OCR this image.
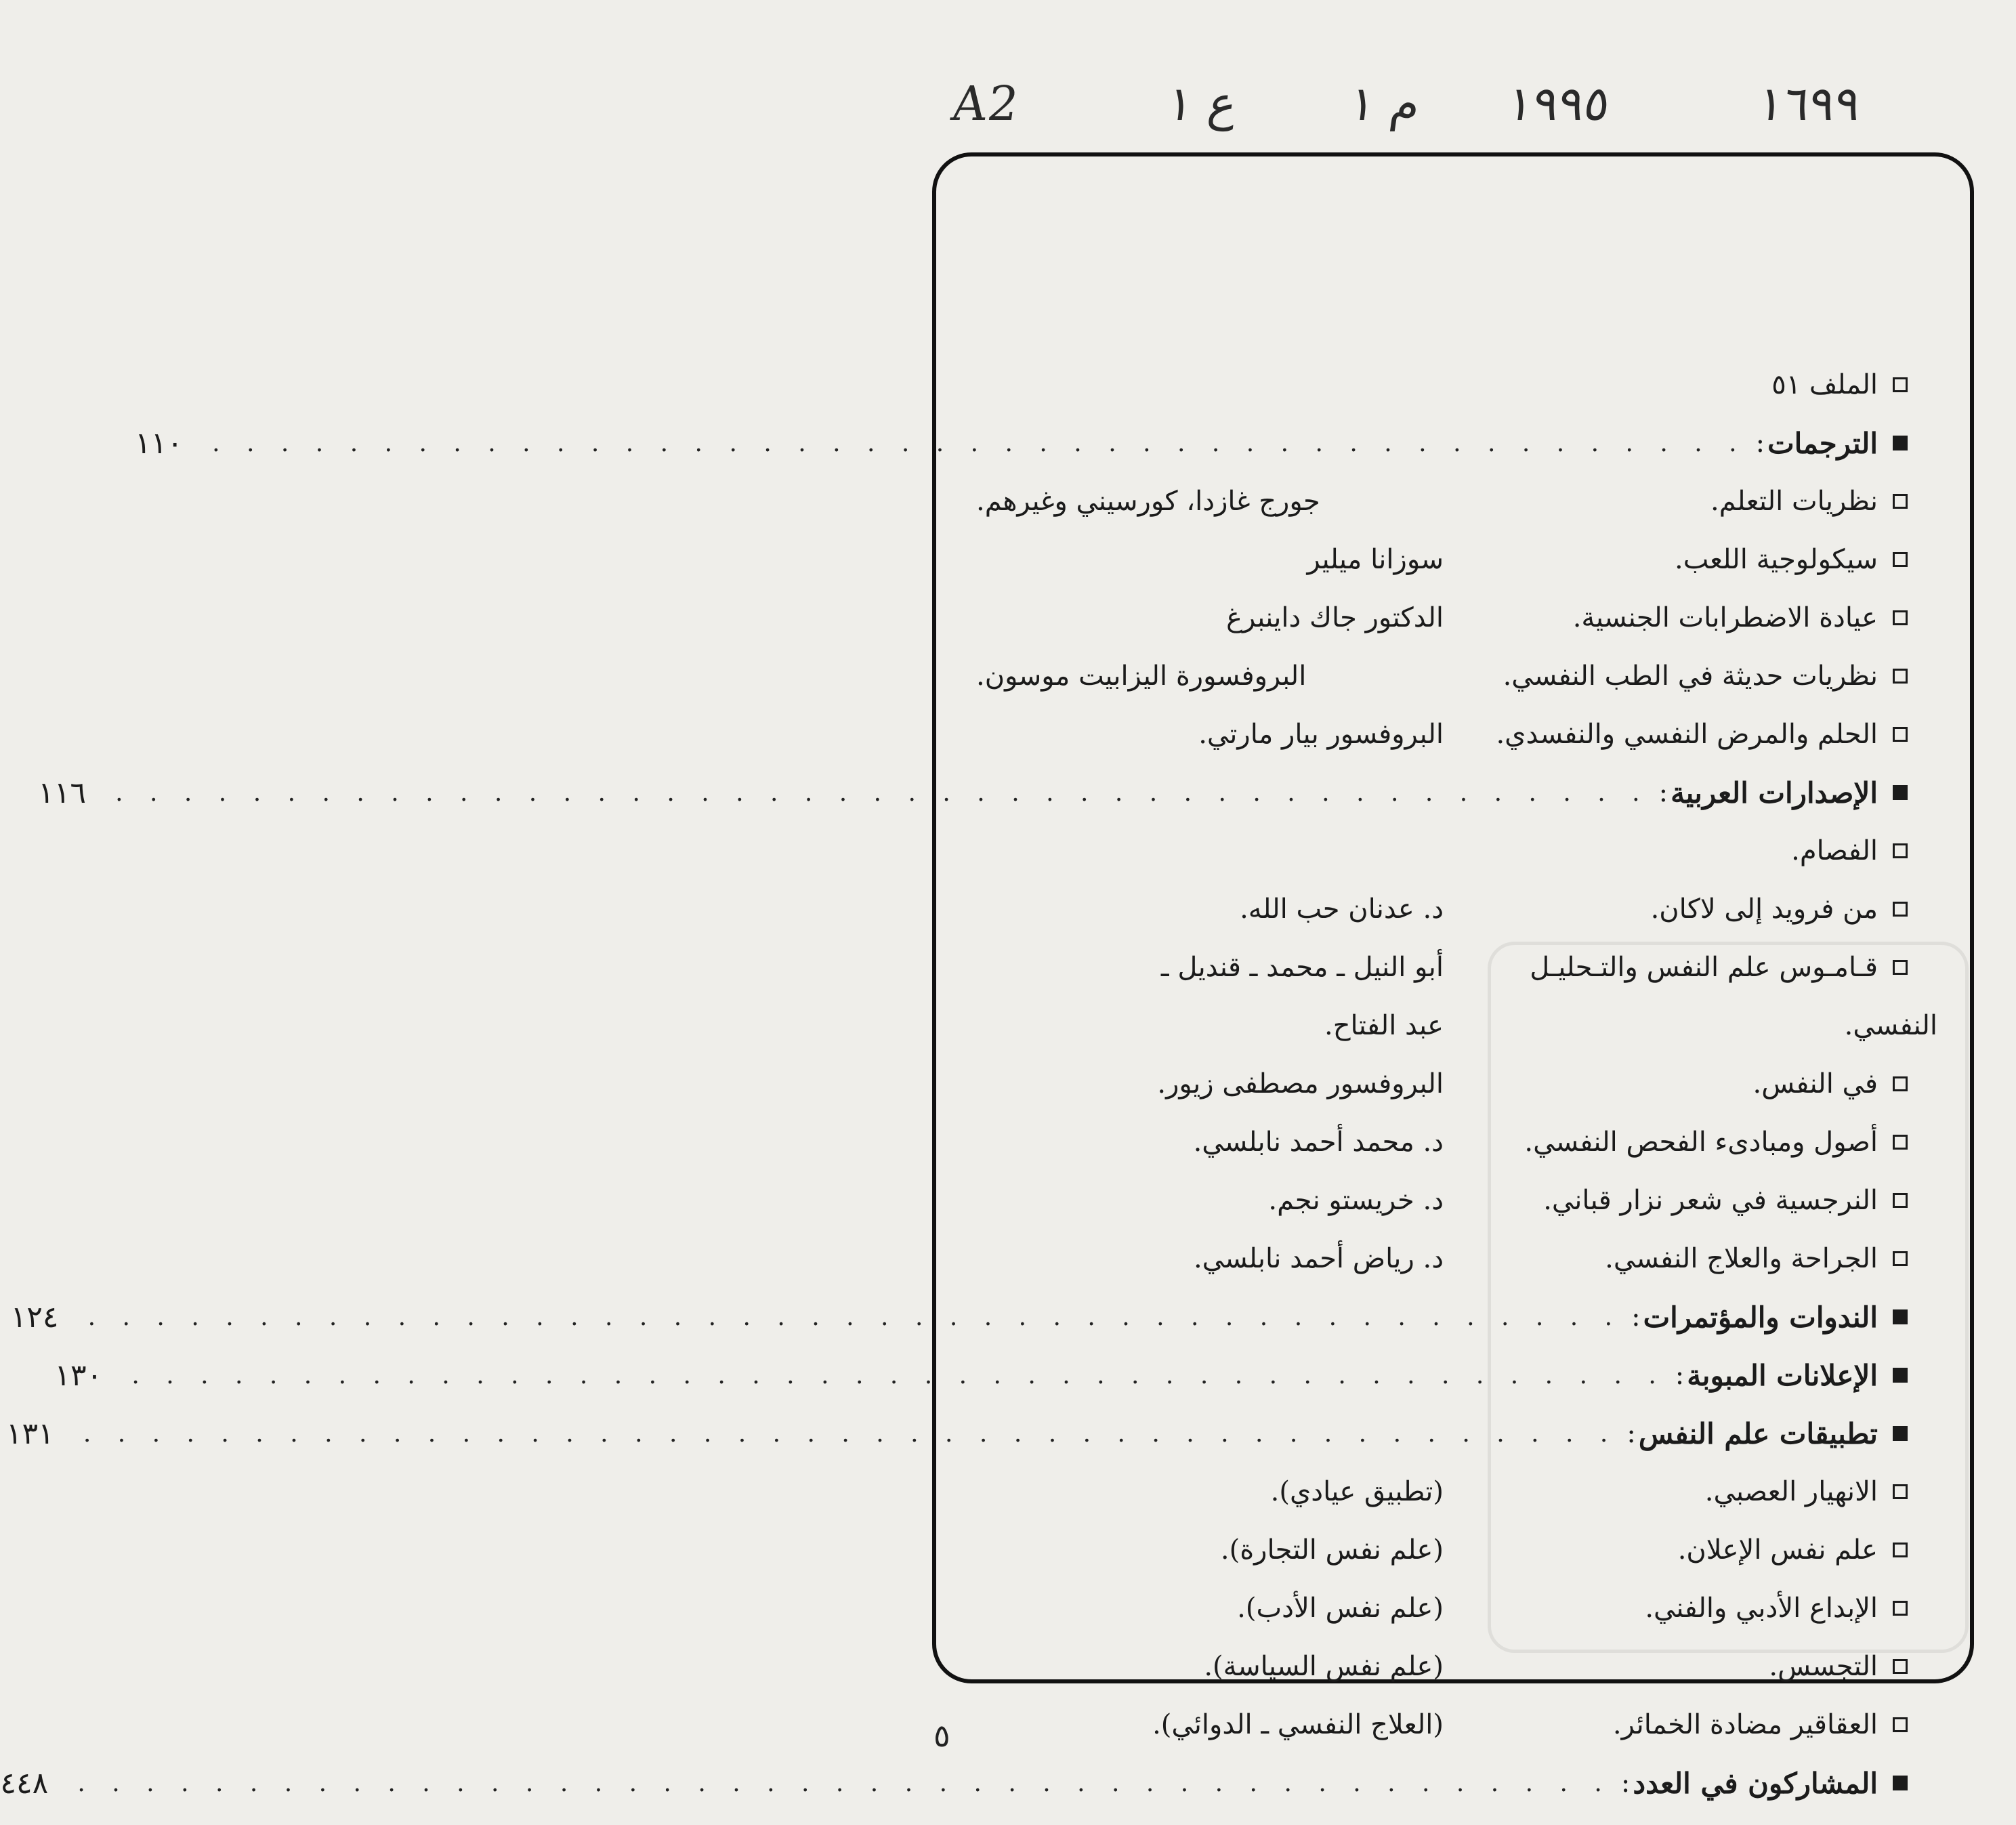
١٦٩٩
١٩٩٥
م ١
ع ١
A2
الملف ٥١
الترجمات
:
. . . . . . . . . . . . . . . . . . . . . . . . . . . . . . . . . . . . . . . . . . . . .
١١٠
نظريات التعلم.
جورج غازدا، كورسيني وغيرهم.
سيكولوجية اللعب.
سوزانا ميلير
عيادة الاضطرابات الجنسية.
الدكتور جاك داينبرغ
نظريات حديثة في الطب النفسي.
البروفسورة اليزابيت موسون.
الحلم والمرض النفسي والنفسدي.
البروفسور بيار مارتي.
الإصدارات العربية
:
. . . . . . . . . . . . . . . . . . . . . . . . . . . . . . . . . . . . . . . . . . . . .
١١٦
الفصام.
من فرويد إلى لاكان.
د. عدنان حب الله.
قـامـوس علم النفس والتـحليـل
أبو النيل ـ محمد ـ قنديل ـ
النفسي.
عبد الفتاح.
في النفس.
البروفسور مصطفى زيور.
أصول ومبادىء الفحص النفسي.
د. محمد أحمد نابلسي.
النرجسية في شعر نزار قباني.
د. خريستو نجم.
الجراحة والعلاج النفسي.
د. رياض أحمد نابلسي.
الندوات والمؤتمرات
:
. . . . . . . . . . . . . . . . . . . . . . . . . . . . . . . . . . . . . . . . . . . . .
١٢٤
الإعلانات المبوبة
:
. . . . . . . . . . . . . . . . . . . . . . . . . . . . . . . . . . . . . . . . . . . . .
١٣٠
تطبيقات علم النفس
:
. . . . . . . . . . . . . . . . . . . . . . . . . . . . . . . . . . . . . . . . . . . . .
١٣١
الانهيار العصبي.
(تطبيق عيادي).
علم نفس الإعلان.
(علم نفس التجارة).
الإبداع الأدبي والفني.
(علم نفس الأدب).
التجسس.
(علم نفس السياسة).
العقاقير مضادة الخمائر.
(العلاج النفسي ـ الدوائي).
المشاركون في العدد
:
. . . . . . . . . . . . . . . . . . . . . . . . . . . . . . . . . . . . . . . . . . . . .
٤٤٨
٥
